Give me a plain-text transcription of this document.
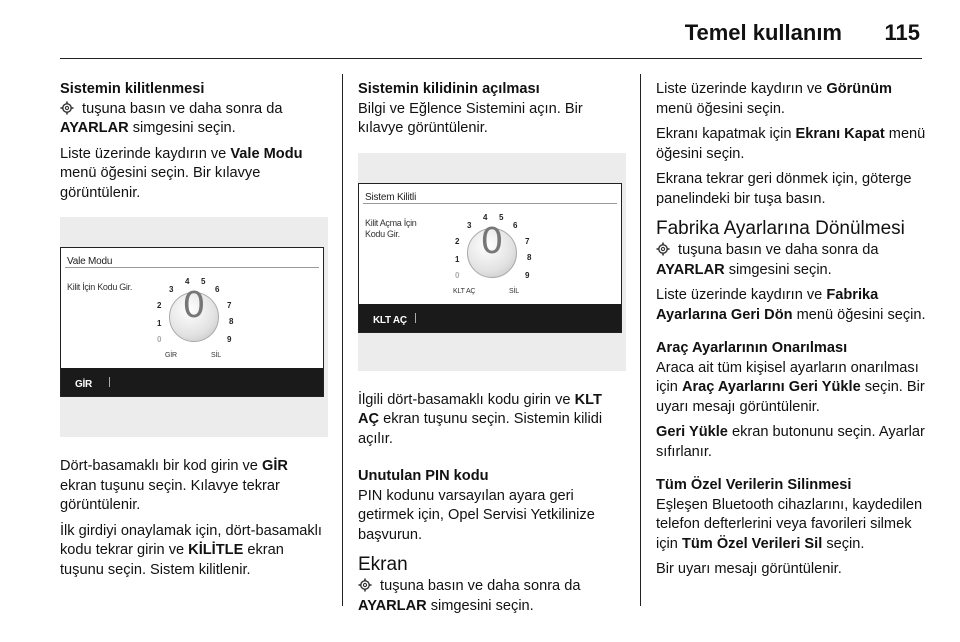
Temel kullanım 115

Sistemin kilitlenmesi

tuşuna basın ve daha sonra da AYARLAR simgesini seçin.

Liste üzerinde kaydırın ve Vale Modu menü öğesini seçin. Bir kılavye görüntülenir.

Vale Modu
Kilit İçin Kodu Gir.	0
1
2
3
4 5
6
7
8
9
0
GİR	SİL
GİR

Dört-basamaklı bir kod girin ve GİR ekran tuşunu seçin. Kılavye tekrar görüntülenir.

İlk girdiyi onaylamak için, dört-basamaklı kodu tekrar girin ve KİLİTLE ekran tuşunu seçin. Sistem kilitlenir.

Sistemin kilidinin açılması

Bilgi ve Eğlence Sistemini açın. Bir kılavye görüntülenir.

Sistem Kilitli
Kilit Açma İçin Kodu Gir.	0
1
2
3
4 5
6
7
8
9
0
KLT AÇ	SİL
KLT AÇ

İlgili dört-basamaklı kodu girin ve KLT AÇ ekran tuşunu seçin. Sistemin kilidi açılır.

Unutulan PIN kodu

PIN kodunu varsayılan ayara geri getirmek için, Opel Servisi Yetkilinize başvurun.

Ekran

tuşuna basın ve daha sonra da AYARLAR simgesini seçin.

Liste üzerinde kaydırın ve Görünüm menü öğesini seçin.

Ekranı kapatmak için Ekranı Kapat menü öğesini seçin.

Ekrana tekrar geri dönmek için, göterge panelindeki bir tuşa basın.

Fabrika Ayarlarına Dönülmesi

tuşuna basın ve daha sonra da AYARLAR simgesini seçin.

Liste üzerinde kaydırın ve Fabrika Ayarlarına Geri Dön menü öğesini seçin.

Araç Ayarlarının Onarılması

Araca ait tüm kişisel ayarların onarılması için Araç Ayarlarını Geri Yükle seçin. Bir uyarı mesajı görüntülenir.

Geri Yükle ekran butonunu seçin. Ayarlar sıfırlanır.

Tüm Özel Verilerin Silinmesi

Eşleşen Bluetooth cihazlarını, kaydedilen telefon defterlerini veya favorileri silmek için Tüm Özel Verileri Sil seçin.

Bir uyarı mesajı görüntülenir.
